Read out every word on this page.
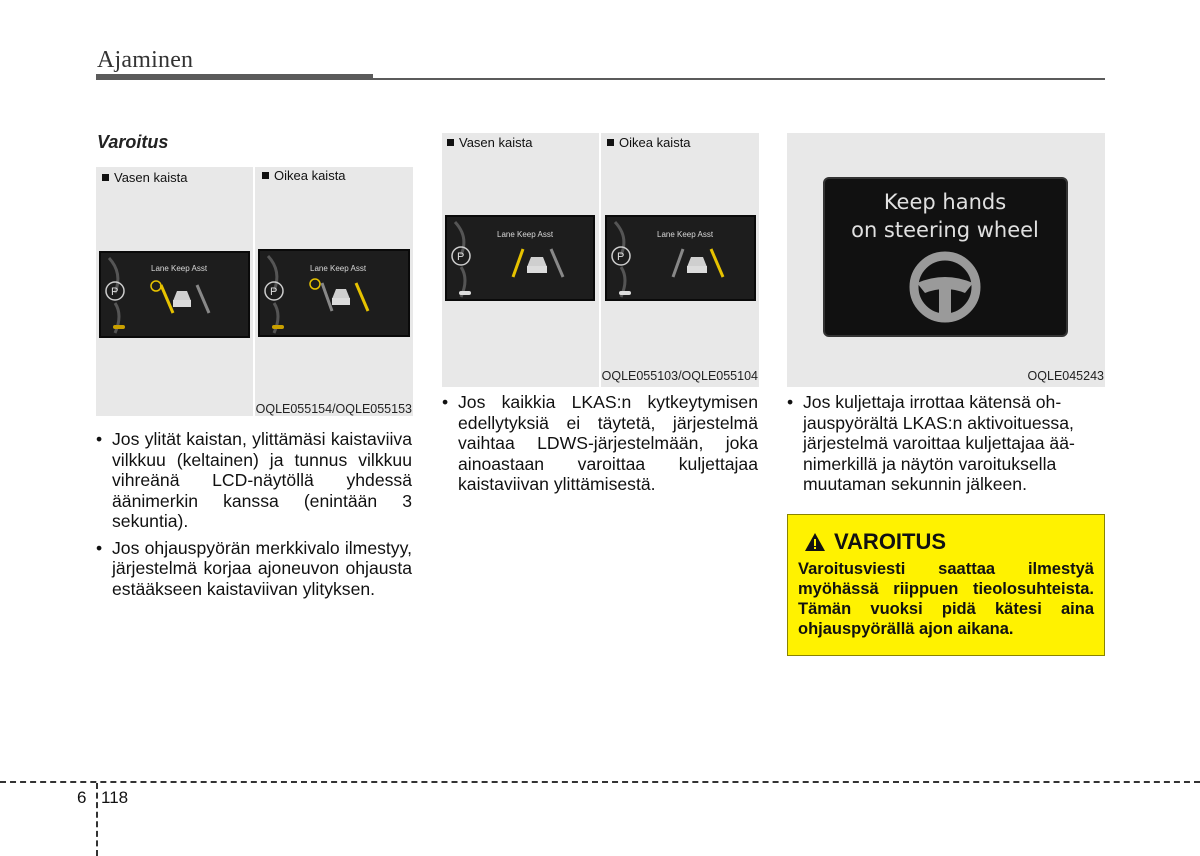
Ajaminen
Varoitus
Vasen kaista	Oikea kaista
Lane Keep Asst
P
Lane Keep Asst
P
OQLE055154/OQLE055153
• Jos ylität kaistan, ylittämäsi kaistaviiva vilkkuu (keltainen) ja tunnus vilkkuu vihreänä LCD-näytöllä yhdessä äänimerkin kanssa (enintään 3 sekuntia).
• Jos ohjauspyörän merkkivalo ilmestyy, järjestelmä korjaa ajoneuvon ohjausta estääkseen kaistaviivan ylityksen.
Vasen kaista	Oikea kaista
Lane Keep Asst
P
Lane Keep Asst
P
OQLE055103/OQLE055104
• Jos kaikkia LKAS:n kytkeytymisen edellytyksiä ei täytetä, järjestelmä vaihtaa LDWS-järjestelmään, joka ainoastaan varoittaa kuljettajaa kaistaviivan ylittämisestä.
Keep hands
on steering wheel
OQLE045243
• Jos kuljettaja irrottaa kätensä ohjauspyörältä LKAS:n aktivoituessa, järjestelmä varoittaa kuljettajaa äänimerkillä ja näytön varoituksella muutaman sekunnin jälkeen.
VAROITUS
Varoitusviesti saattaa ilmestyä myöhässä riippuen tieolosuhteista. Tämän vuoksi pidä kätesi aina ohjauspyörällä ajon aikana.
6 118
